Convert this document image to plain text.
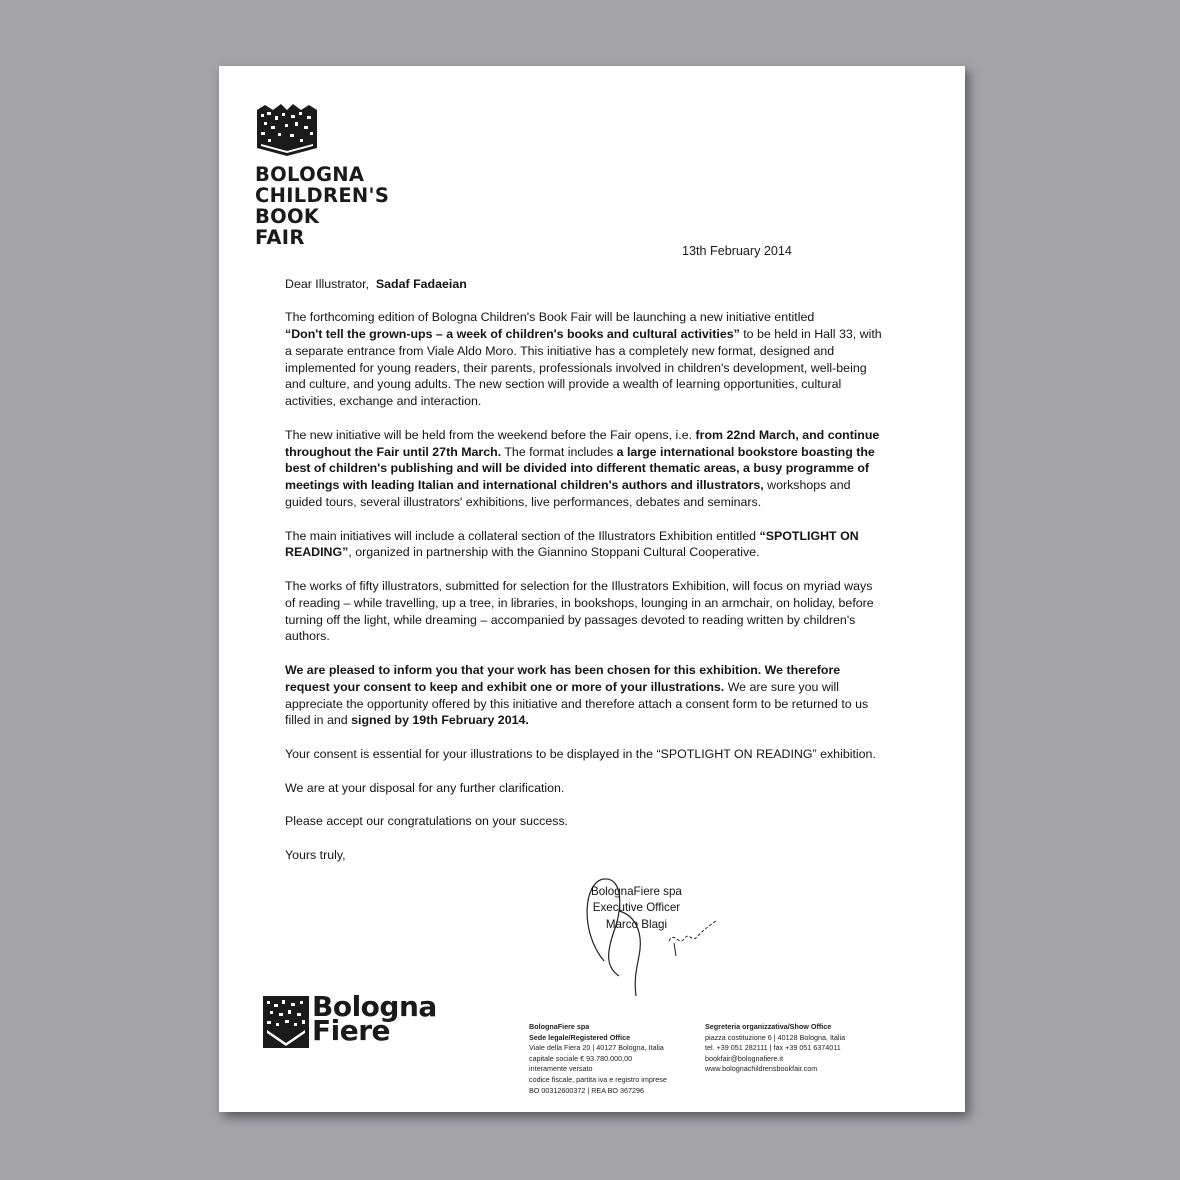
BOLOGNA
CHILDREN'S
BOOK
FAIR
13th February 2014

Dear Illustrator, Sadaf Fadaeian

The forthcoming edition of Bologna Children's Book Fair will be launching a new initiative entitled
“Don't tell the grown-ups – a week of children's books and cultural activities” to be held in Hall 33, with a separate entrance from Viale Aldo Moro. This initiative has a completely new format, designed and implemented for young readers, their parents, professionals involved in children's development, well-being and culture, and young adults. The new section will provide a wealth of learning opportunities, cultural activities, exchange and interaction.

The new initiative will be held from the weekend before the Fair opens, i.e. from 22nd March, and continue throughout the Fair until 27th March. The format includes a large international bookstore boasting the best of children's publishing and will be divided into different thematic areas, a busy programme of meetings with leading Italian and international children's authors and illustrators, workshops and guided tours, several illustrators' exhibitions, live performances, debates and seminars.

The main initiatives will include a collateral section of the Illustrators Exhibition entitled “SPOTLIGHT ON READING”, organized in partnership with the Giannino Stoppani Cultural Cooperative.

The works of fifty illustrators, submitted for selection for the Illustrators Exhibition, will focus on myriad ways of reading – while travelling, up a tree, in libraries, in bookshops, lounging in an armchair, on holiday, before turning off the light, while dreaming – accompanied by passages devoted to reading written by children's authors.

We are pleased to inform you that your work has been chosen for this exhibition. We therefore request your consent to keep and exhibit one or more of your illustrations. We are sure you will appreciate the opportunity offered by this initiative and therefore attach a consent form to be returned to us filled in and signed by 19th February 2014.

Your consent is essential for your illustrations to be displayed in the “SPOTLIGHT ON READING” exhibition.

We are at your disposal for any further clarification.

Please accept our congratulations on your success.

Yours truly,

BolognaFiere spa
Executive Officer
Marco Blagi
Bologna
Fiere	BolognaFiere spa
Sede legale/Registered Office
Viale della Fiera 20 | 40127 Bologna, Italia
capitale sociale € 93.780.000,00
interamente versato
codice fiscale, partita iva e registro imprese
BO 00312600372 | REA BO 367296
Segreteria organizzativa/Show Office
piazza costituzione 6 | 40128 Bologna, Italia
tel. +39 051 282111 | fax +39 051 6374011
bookfair@bolognafiere.it
www.bolognachildrensbookfair.com
